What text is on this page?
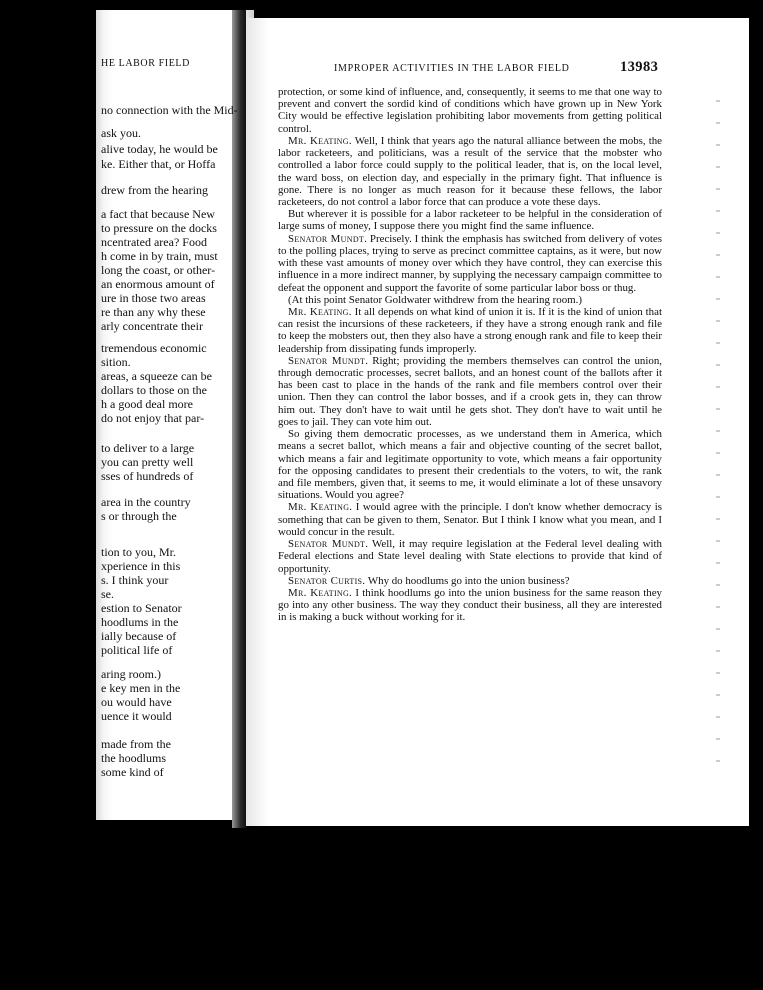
HE LABOR FIELD
no connection with the Mid-
ask you.
alive today, he would be
ke. Either that, or Hoffa
drew from the hearing
a fact that because New
to pressure on the docks
ncentrated area? Food
h come in by train, must
long the coast, or other-
an enormous amount of
ure in those two areas
re than any why these
arly concentrate their
tremendous economic
sition.
areas, a squeeze can be
dollars to those on the
h a good deal more
do not enjoy that par-
to deliver to a large
you can pretty well
sses of hundreds of
area in the country
s or through the
tion to you, Mr.
xperience in this
s. I think your
se.
estion to Senator
hoodlums in the
ially because of
political life of
aring room.)
e key men in the
ou would have
uence it would
made from the
the hoodlums
some kind of
IMPROPER ACTIVITIES IN THE LABOR FIELD	13983

protection, or some kind of influence, and, consequently, it seems to me that one way to prevent and convert the sordid kind of conditions which have grown up in New York City would be effective legislation prohibiting labor movements from getting political control.

Mr. Keating. Well, I think that years ago the natural alliance between the mobs, the labor racketeers, and politicians, was a result of the service that the mobster who controlled a labor force could supply to the political leader, that is, on the local level, the ward boss, on election day, and especially in the primary fight. That influence is gone. There is no longer as much reason for it because these fellows, the labor racketeers, do not control a labor force that can produce a vote these days.

But wherever it is possible for a labor racketeer to be helpful in the consideration of large sums of money, I suppose there you might find the same influence.

Senator Mundt. Precisely. I think the emphasis has switched from delivery of votes to the polling places, trying to serve as precinct committee captains, as it were, but now with these vast amounts of money over which they have control, they can exercise this influence in a more indirect manner, by supplying the necessary campaign committee to defeat the opponent and support the favorite of some particular labor boss or thug.

(At this point Senator Goldwater withdrew from the hearing room.)

Mr. Keating. It all depends on what kind of union it is. If it is the kind of union that can resist the incursions of these racketeers, if they have a strong enough rank and file to keep the mobsters out, then they also have a strong enough rank and file to keep their leadership from dissipating funds improperly.

Senator Mundt. Right; providing the members themselves can control the union, through democratic processes, secret ballots, and an honest count of the ballots after it has been cast to place in the hands of the rank and file members control over their union. Then they can control the labor bosses, and if a crook gets in, they can throw him out. They don't have to wait until he gets shot. They don't have to wait until he goes to jail. They can vote him out.

So giving them democratic processes, as we understand them in America, which means a secret ballot, which means a fair and objective counting of the secret ballot, which means a fair and legitimate opportunity to vote, which means a fair opportunity for the opposing candidates to present their credentials to the voters, to wit, the rank and file members, given that, it seems to me, it would eliminate a lot of these unsavory situations. Would you agree?

Mr. Keating. I would agree with the principle. I don't know whether democracy is something that can be given to them, Senator. But I think I know what you mean, and I would concur in the result.

Senator Mundt. Well, it may require legislation at the Federal level dealing with Federal elections and State level dealing with State elections to provide that kind of opportunity.

Senator Curtis. Why do hoodlums go into the union business?

Mr. Keating. I think hoodlums go into the union business for the same reason they go into any other business. The way they conduct their business, all they are interested in is making a buck without working for it.
